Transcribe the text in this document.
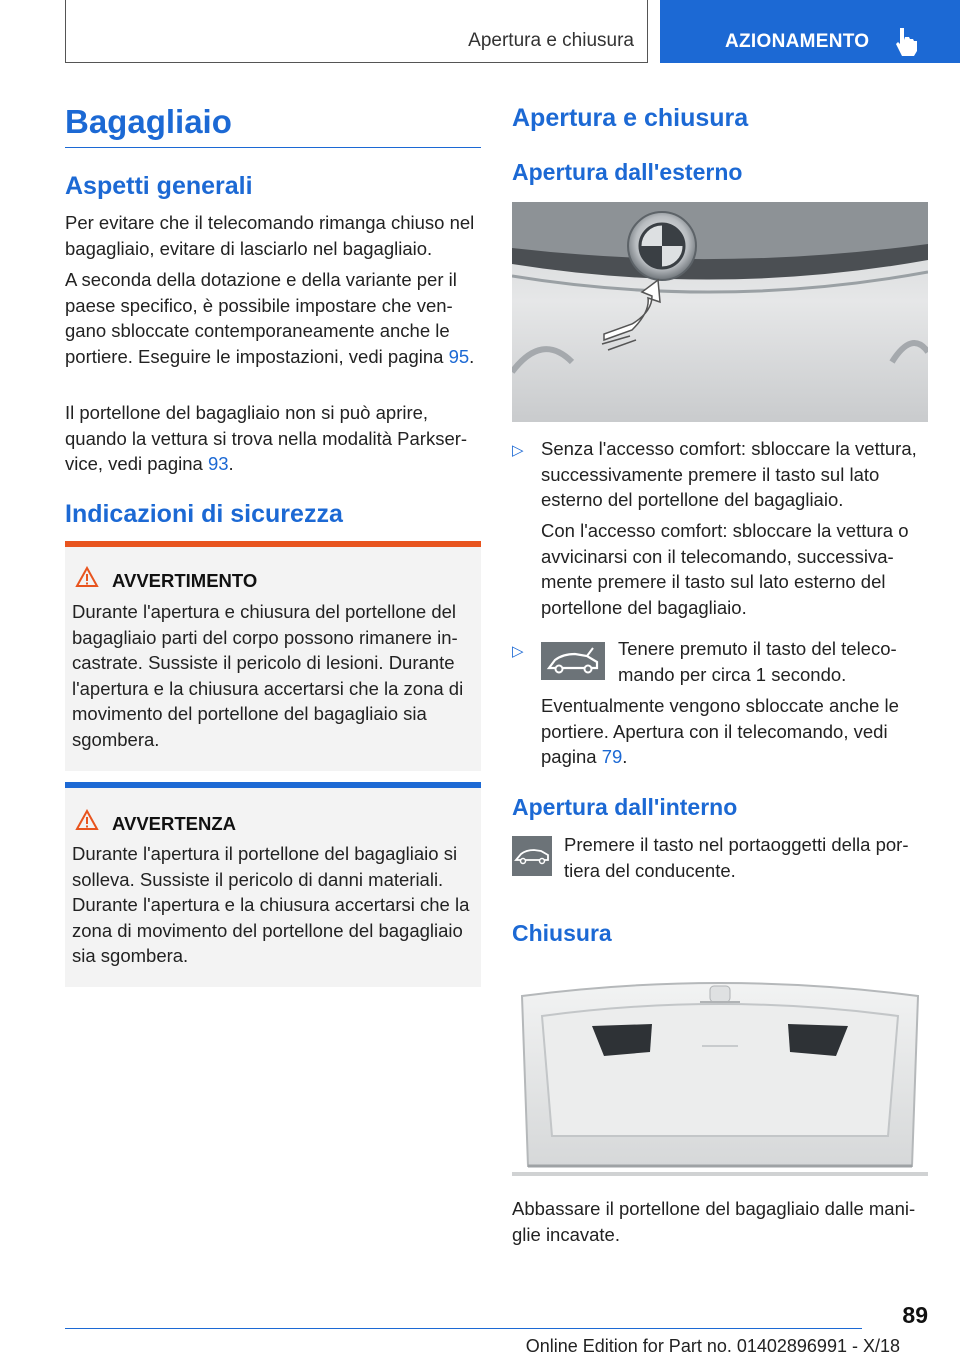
Apertura e chiusura	AZIONAMENTO
Bagagliaio
Aspetti generali

Per evitare che il telecomando rimanga chiuso nel bagagliaio, evitare di lasciarlo nel bagagliaio.

A seconda della dotazione e della variante per il paese specifico, è possibile impostare che vengano sbloccate contemporaneamente anche le portiere. Eseguire le impostazioni, vedi pagina 95.

Il portellone del bagagliaio non si può aprire, quando la vettura si trova nella modalità Parkservice, vedi pagina 93.

Indicazioni di sicurezza
AVVERTIMENTO

Durante l'apertura e chiusura del portellone del bagagliaio parti del corpo possono rimanere incastrate. Sussiste il pericolo di lesioni. Durante l'apertura e la chiusura accertarsi che la zona di movimento del portellone del bagagliaio sia sgombera.

AVVERTENZA

Durante l'apertura il portellone del bagagliaio si solleva. Sussiste il pericolo di danni materiali. Durante l'apertura e la chiusura accertarsi che la zona di movimento del portellone del bagagliaio sia sgombera.

Apertura e chiusura
Apertura dall'esterno
▷ Senza l'accesso comfort: sbloccare la vettura, successivamente premere il tasto sul lato esterno del portellone del bagagliaio.

Con l'accesso comfort: sbloccare la vettura o avvicinarsi con il telecomando, successivamente premere il tasto sul lato esterno del portellone del bagagliaio.

▷	Tenere premuto il tasto del telecomando per circa 1 secondo.

Eventualmente vengono sbloccate anche le portiere. Apertura con il telecomando, vedi pagina 79.

Apertura dall'interno

Premere il tasto nel portaoggetti della portiera del conducente.

Chiusura

Abbassare il portellone del bagagliaio dalle maniglie incavate.

89
Online Edition for Part no. 01402896991 - X/18
